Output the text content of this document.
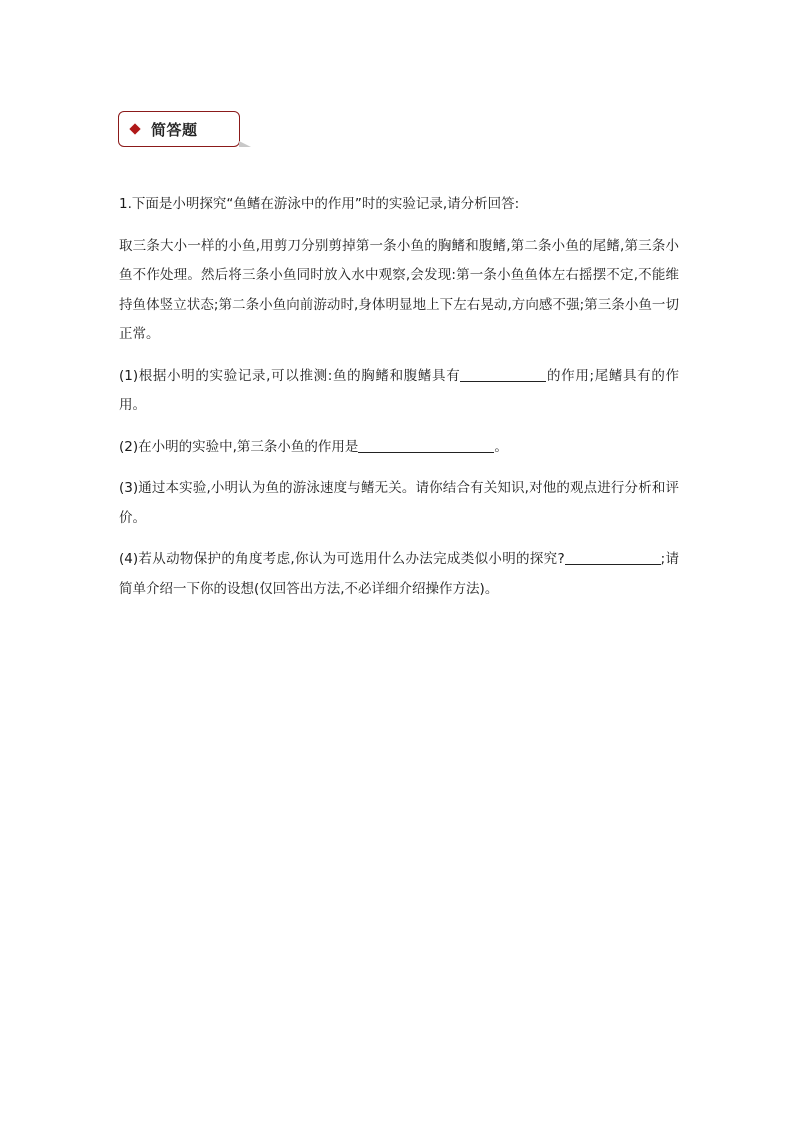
简答题

1.下面是小明探究“鱼鳍在游泳中的作用”时的实验记录,请分析回答:

取三条大小一样的小鱼,用剪刀分别剪掉第一条小鱼的胸鳍和腹鳍,第二条小鱼的尾鳍,第三条小鱼不作处理。然后将三条小鱼同时放入水中观察,会发现:第一条小鱼鱼体左右摇摆不定,不能维持鱼体竖立状态;第二条小鱼向前游动时,身体明显地上下左右晃动,方向感不强;第三条小鱼一切正常。

(1)根据小明的实验记录,可以推测:鱼的胸鳍和腹鳍具有	的作用;尾鳍具有的作用。

(2)在小明的实验中,第三条小鱼的作用是	。

(3)通过本实验,小明认为鱼的游泳速度与鳍无关。请你结合有关知识,对他的观点进行分析和评价。

(4)若从动物保护的角度考虑,你认为可选用什么办法完成类似小明的探究?	;请简单介绍一下你的设想(仅回答出方法,不必详细介绍操作方法)。
